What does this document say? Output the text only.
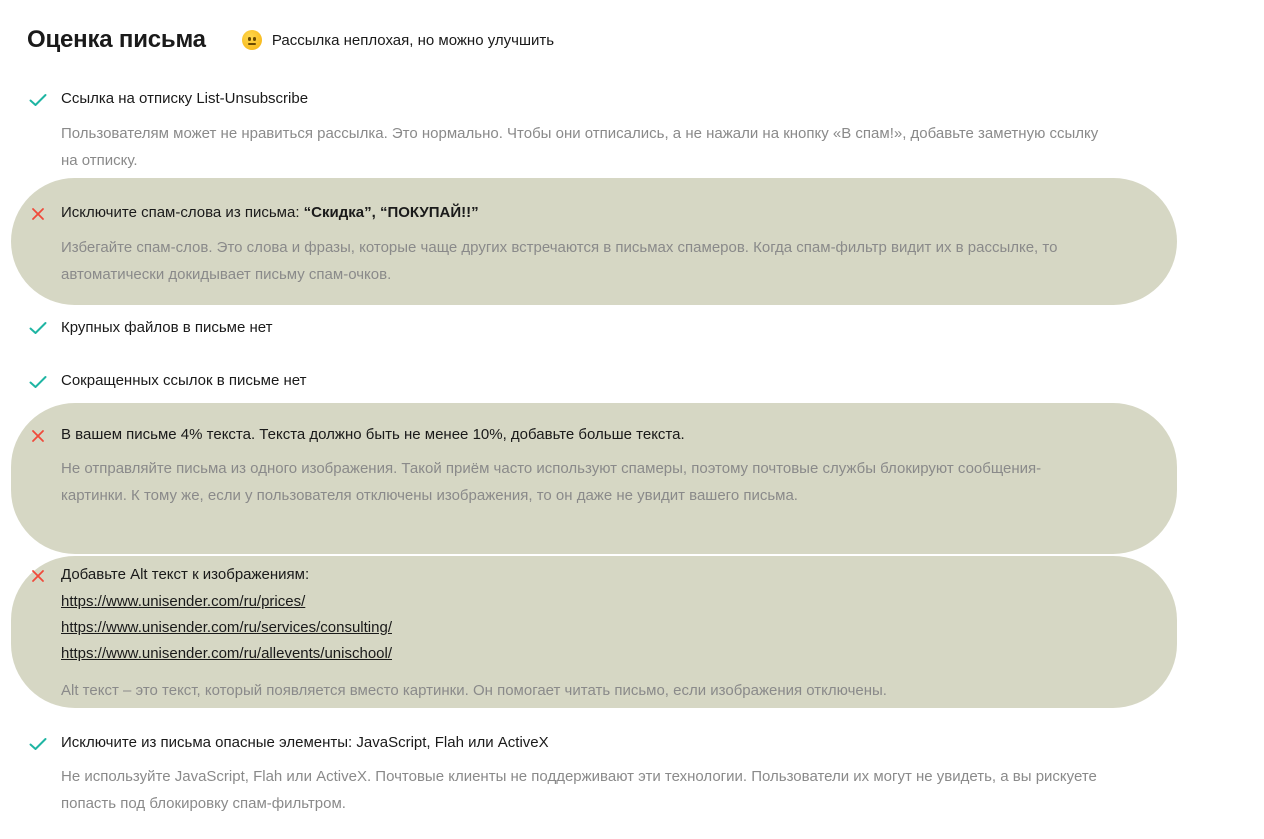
Оценка письма	Рассылка неплохая, но можно улучшить
Ссылка на отписку List-Unsubscribe
Пользователям может не нравиться рассылка. Это нормально. Чтобы они отписались, а не нажали на кнопку «В спам!», добавьте заметную ссылку на отписку.
Исключите спам-слова из письма: “Скидка”, “ПОКУПАЙ!!”
Избегайте спам-слов. Это слова и фразы, которые чаще других встречаются в письмах спамеров. Когда спам-фильтр видит их в рассылке, то автоматически докидывает письму спам-очков.
Крупных файлов в письме нет
Сокращенных ссылок в письме нет
В вашем письме 4% текста. Текста должно быть не менее 10%, добавьте больше текста.
Не отправляйте письма из одного изображения. Такой приём часто используют спамеры, поэтому почтовые службы блокируют сообщения-картинки. К тому же, если у пользователя отключены изображения, то он даже не увидит вашего письма.
Добавьте Alt текст к изображениям:
https://www.unisender.com/ru/prices/
https://www.unisender.com/ru/services/consulting/
https://www.unisender.com/ru/allevents/unischool/
Alt текст – это текст, который появляется вместо картинки. Он помогает читать письмо, если изображения отключены.
Исключите из письма опасные элементы: JavaScript, Flah или ActiveX
Не используйте JavaScript, Flah или ActiveX. Почтовые клиенты не поддерживают эти технологии. Пользователи их могут не увидеть, а вы рискуете попасть под блокировку спам-фильтром.
